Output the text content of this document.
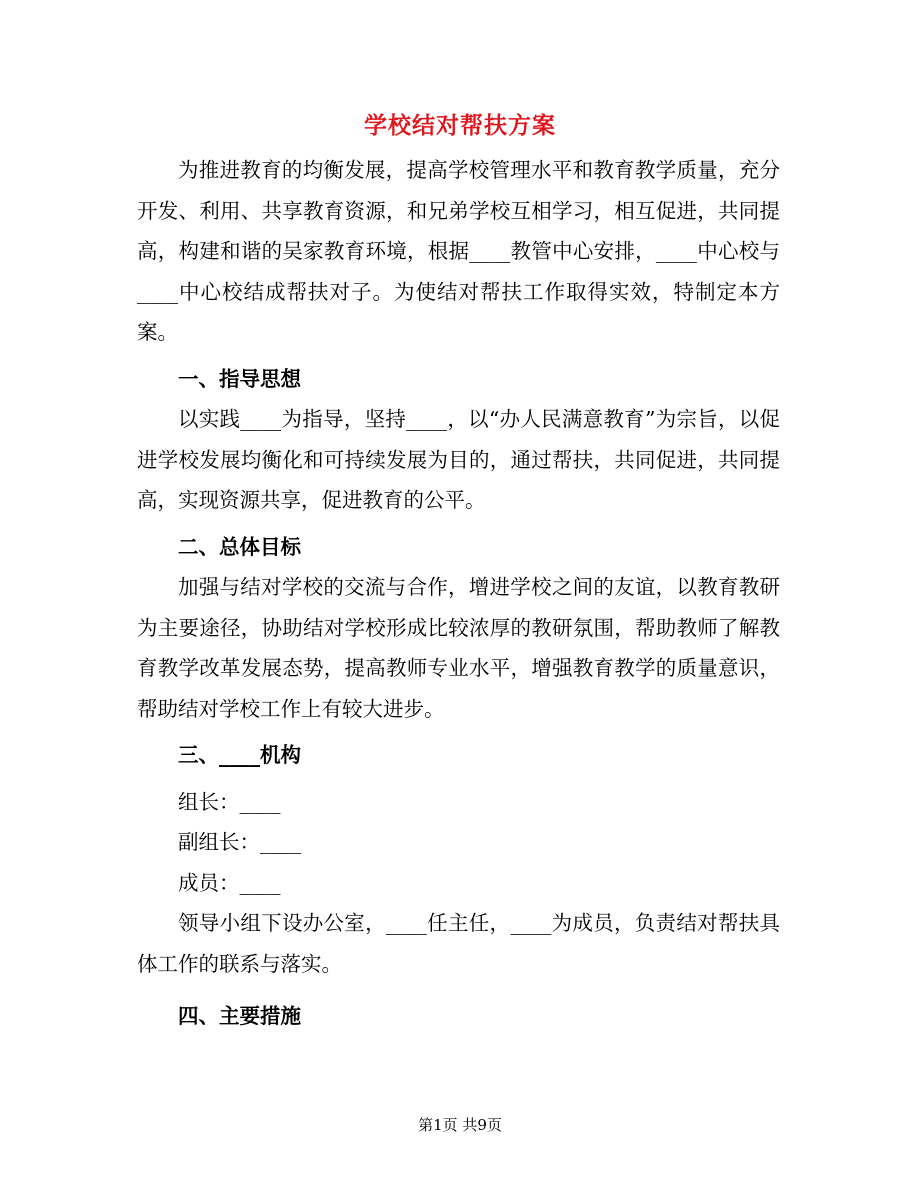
学校结对帮扶方案

为推进教育的均衡发展，提高学校管理水平和教育教学质量，充分开发、利用、共享教育资源，和兄弟学校互相学习，相互促进，共同提高，构建和谐的吴家教育环境，根据____教管中心安排，____中心校与____中心校结成帮扶对子。为使结对帮扶工作取得实效，特制定本方案。

一、指导思想

以实践____为指导，坚持____，以“办人民满意教育”为宗旨，以促进学校发展均衡化和可持续发展为目的，通过帮扶，共同促进，共同提高，实现资源共享，促进教育的公平。

二、总体目标

加强与结对学校的交流与合作，增进学校之间的友谊，以教育教研为主要途径，协助结对学校形成比较浓厚的教研氛围，帮助教师了解教育教学改革发展态势，提高教师专业水平，增强教育教学的质量意识，帮助结对学校工作上有较大进步。

三、____机构

组长：____

副组长：____

成员：____

领导小组下设办公室，____任主任，____为成员，负责结对帮扶具体工作的联系与落实。

四、主要措施

第1页 共9页
